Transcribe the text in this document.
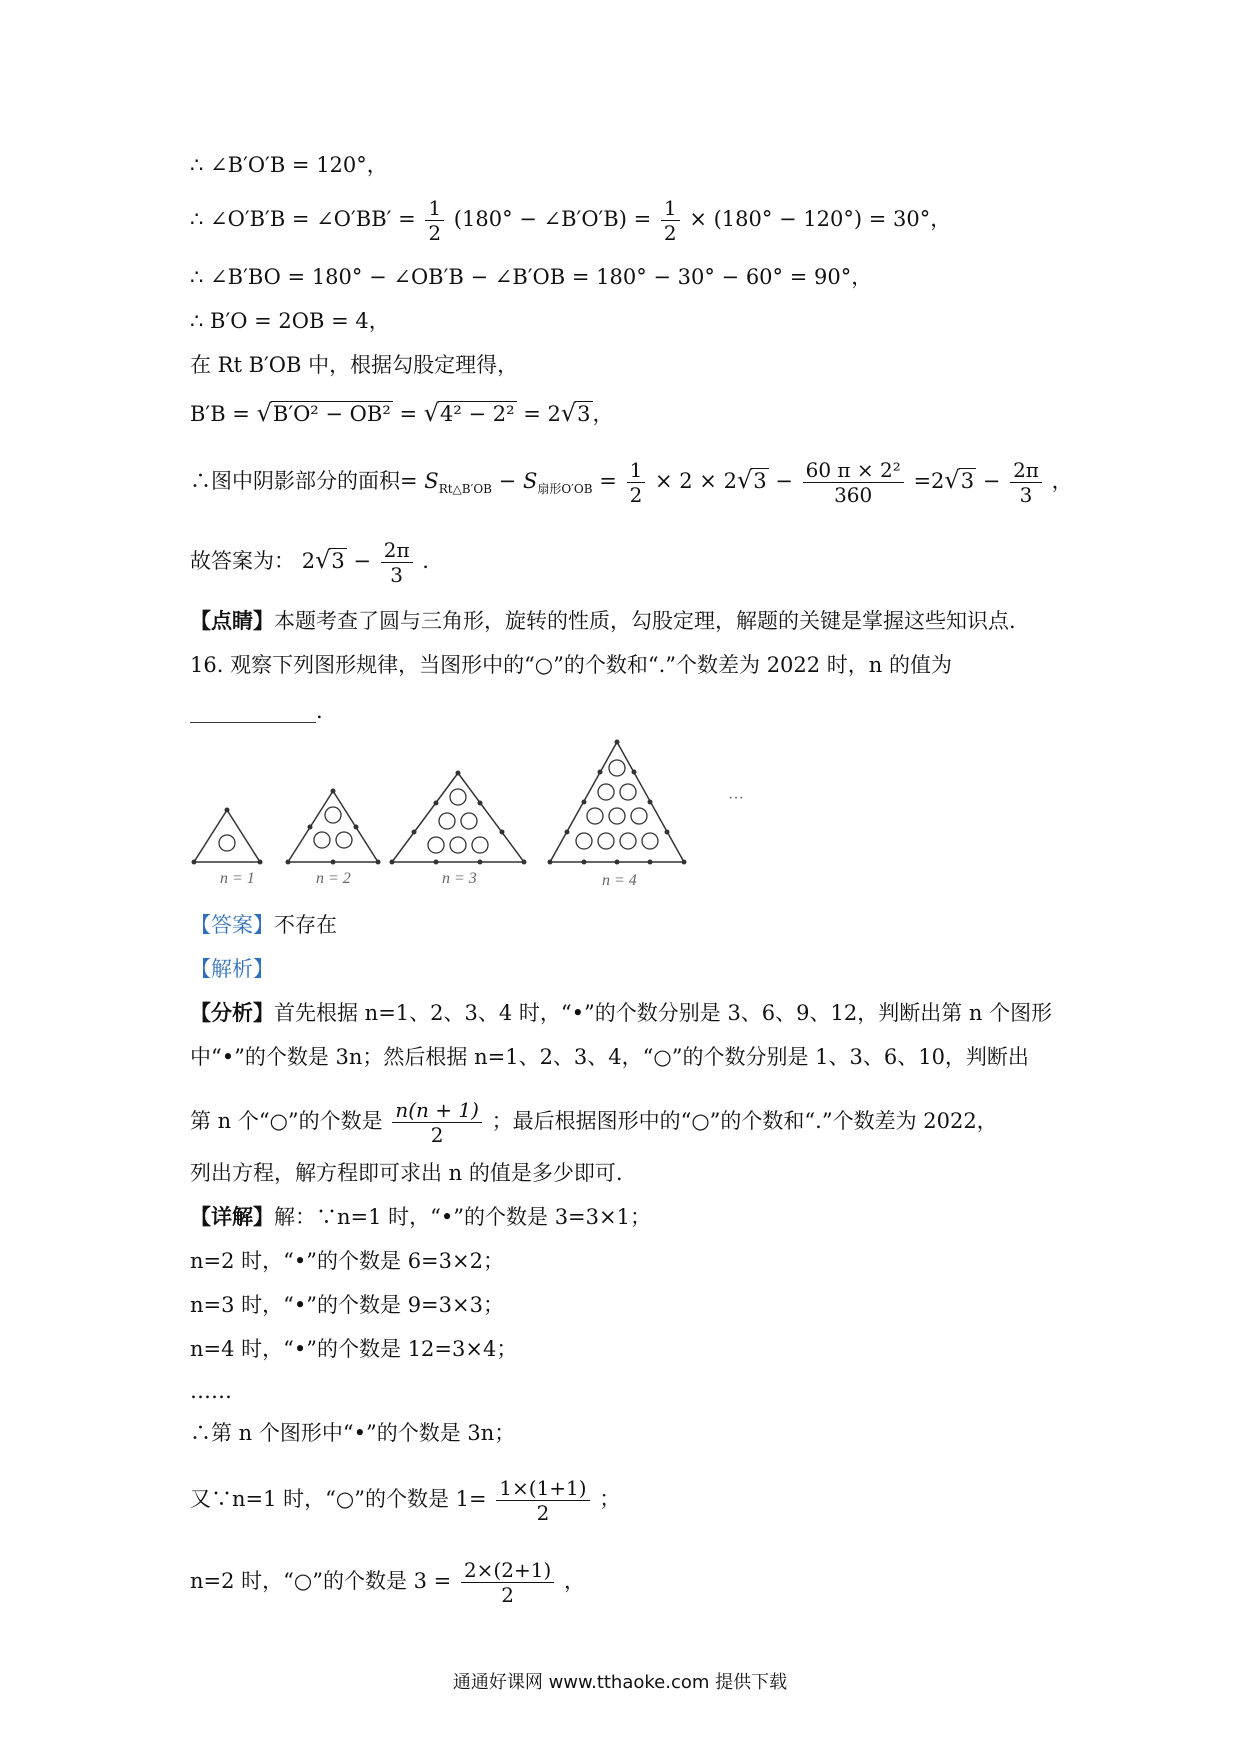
∴ ∠B′O′B = 120°，
∴ ∠O′B′B = ∠O′BB′ = $\frac{1}{2} (180^\circ$ − ∠B′O′B) = $\frac{1}{2} \times (180^\circ - 120^\circ) = 30^\circ$，
∴ ∠B′BO = 180° − ∠OB′B − ∠B′OB = 180° − 30° − 60° = 90°，
∴ B′O = 2OB = 4，
在 Rt B′OB 中，根据勾股定理得，
B′B = √B′O² − OB² = √4² − 2² = 2√3，
∴图中阴影部分的面积= $S_{Rt\triangle B'OB} - S_{扇形O'OB} = \frac{1}{2} \times 2 \times 2√3 - \frac{\text{60 π × 2²}}{360} =2√3 - \frac{2\pi}{3}$ ，
故答案为： $2√3 - \frac{2\pi}{3}$ .
【点睛】本题考查了圆与三角形，旋转的性质，勾股定理，解题的关键是掌握这些知识点.
16. 观察下列图形规律，当图形中的“○”的个数和“.”个数差为 2022 时，n 的值为
____________.
n = 1	n = 2	n = 3	n = 4
···
【答案】不存在
【解析】
【分析】首先根据 n=1、2、3、4 时，“•”的个数分别是 3、6、9、12，判断出第 n 个图形
中“•”的个数是 3n；然后根据 n=1、2、3、4，“○”的个数分别是 1、3、6、10，判断出
第 n 个“○”的个数是 $\frac{n(n + 1)}{2}$ ；最后根据图形中的“○”的个数和“.”个数差为 2022，
列出方程，解方程即可求出 n 的值是多少即可.
【详解】解：∵n=1 时，“•”的个数是 3=3×1；
n=2 时，“•”的个数是 6=3×2；
n=3 时，“•”的个数是 9=3×3；
n=4 时，“•”的个数是 12=3×4；
……
∴第 n 个图形中“•”的个数是 3n；
又∵n=1 时，“○”的个数是 $1= \frac{1\times(1+1)}{2}$ ；
n=2 时，“○”的个数是 $3 = \frac{2\times(2+1)}{2}$ ，
通通好课网 www.tthaoke.com 提供下载
